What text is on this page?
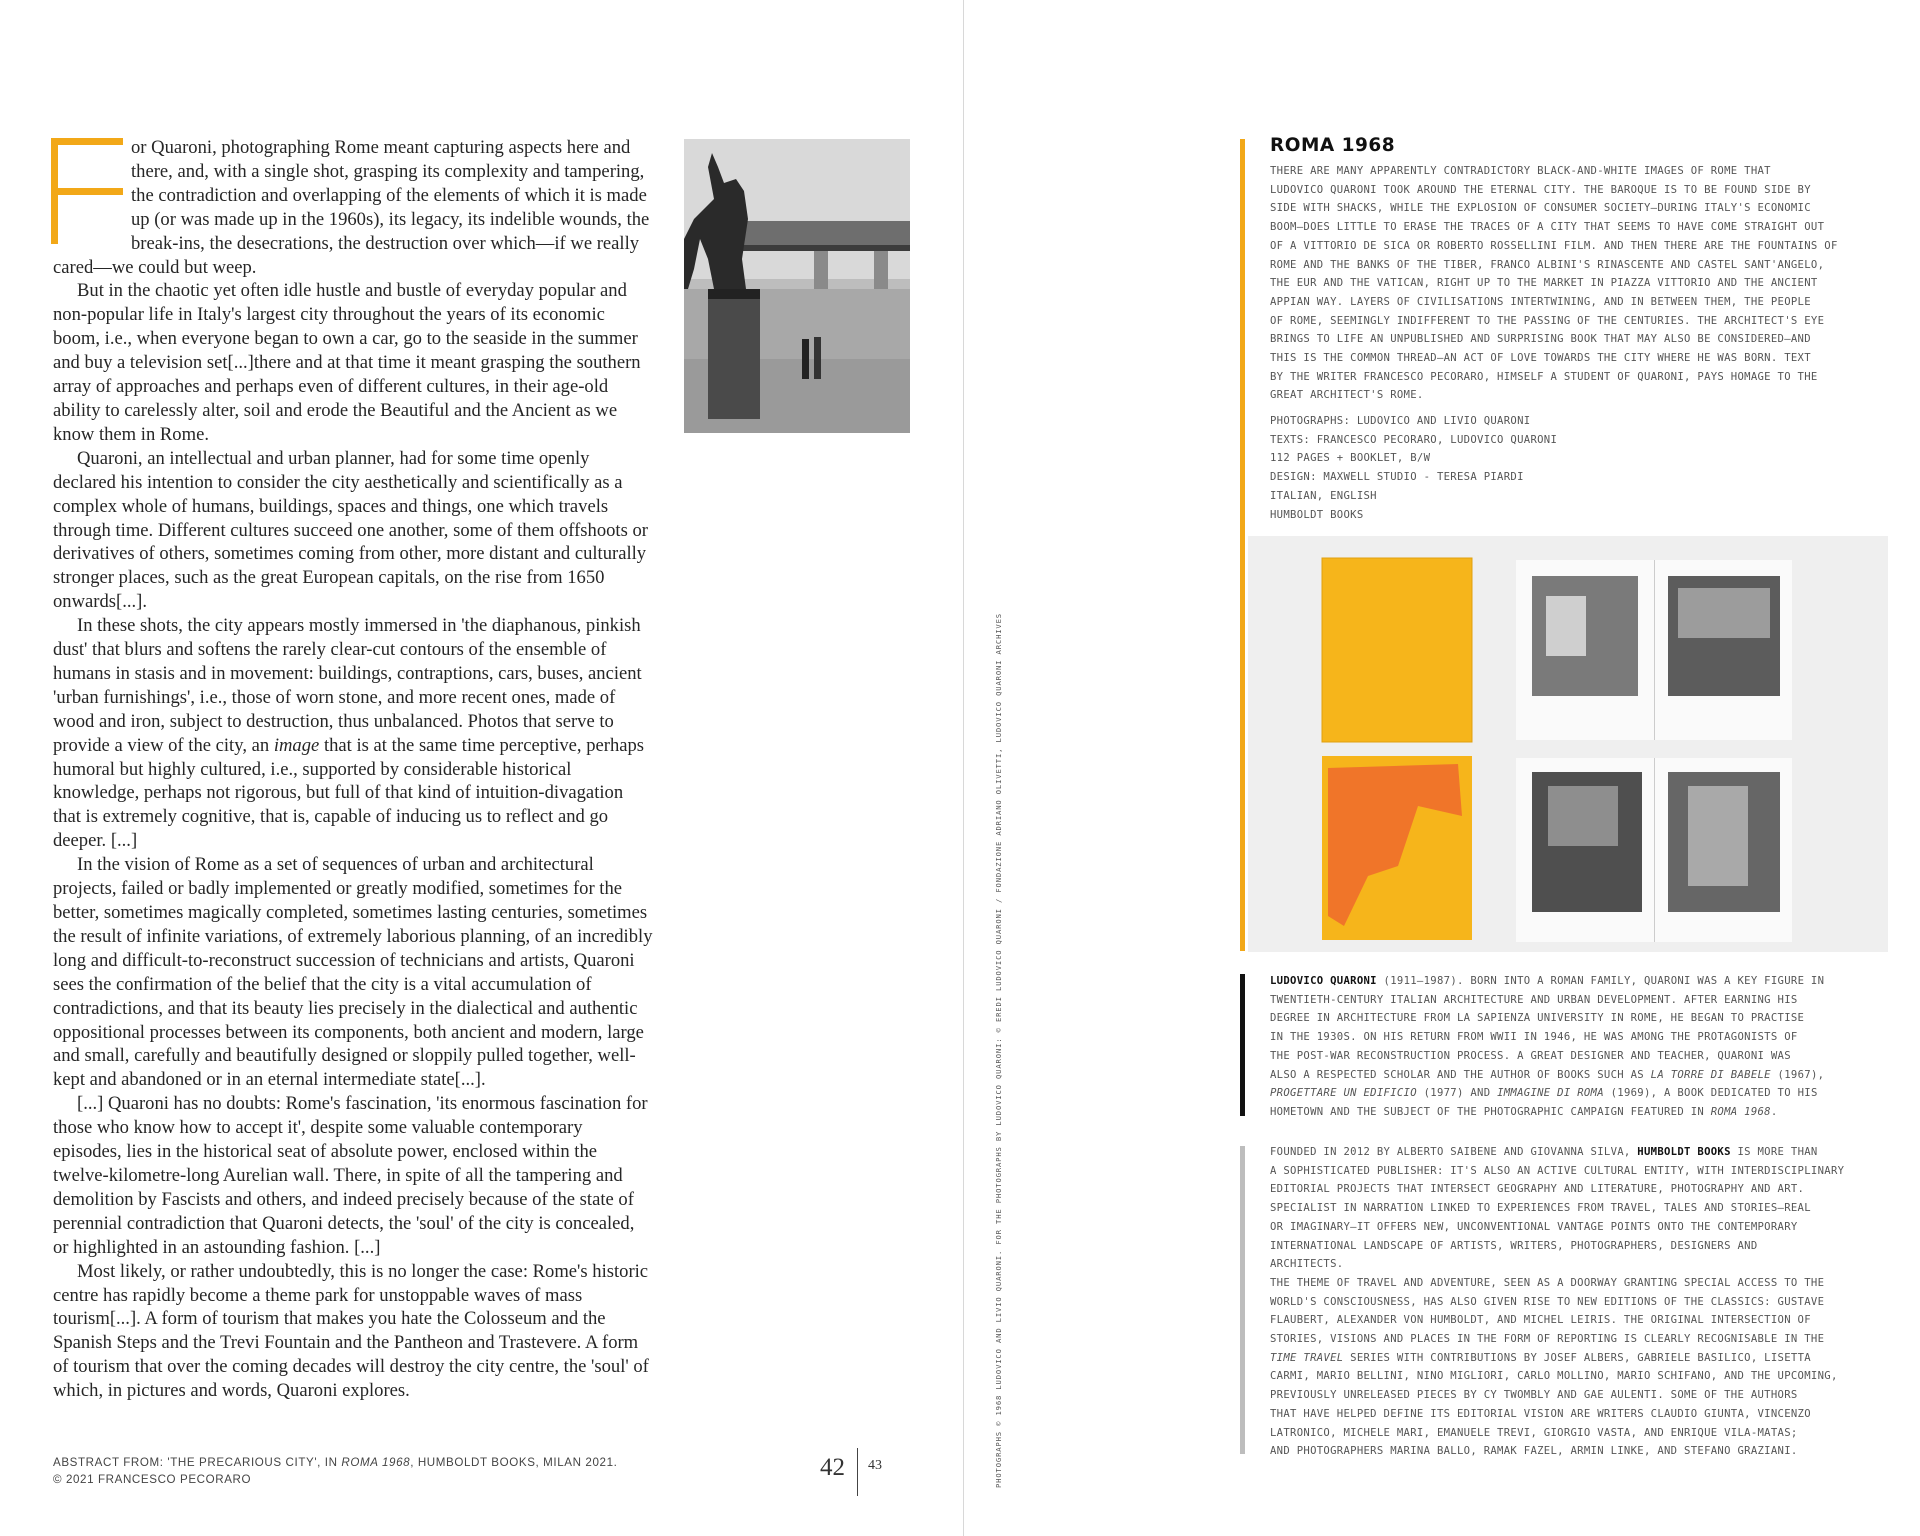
or Quaroni, photographing Rome meant capturing aspects here and there, and, with a single shot, grasping its complexity and tampering, the contradiction and overlapping of the elements of which it is made up (or was made up in the 1960s), its legacy, its indelible wounds, the break-ins, the desecrations, the destruction over which—if we really cared—we could but weep.

But in the chaotic yet often idle hustle and bustle of everyday popular and non-popular life in Italy's largest city throughout the years of its economic boom, i.e., when everyone began to own a car, go to the seaside in the summer and buy a television set[...]there and at that time it meant grasping the southern array of approaches and perhaps even of different cultures, in their age-old ability to carelessly alter, soil and erode the Beautiful and the Ancient as we know them in Rome.

Quaroni, an intellectual and urban planner, had for some time openly declared his intention to consider the city aesthetically and scientifically as a complex whole of humans, buildings, spaces and things, one which travels through time. Different cultures succeed one another, some of them offshoots or derivatives of others, sometimes coming from other, more distant and culturally stronger places, such as the great European capitals, on the rise from 1650 onwards[...].

In these shots, the city appears mostly immersed in 'the diaphanous, pinkish dust' that blurs and softens the rarely clear-cut contours of the ensemble of humans in stasis and in movement: buildings, contraptions, cars, buses, ancient 'urban furnishings', i.e., those of worn stone, and more recent ones, made of wood and iron, subject to destruction, thus unbalanced. Photos that serve to provide a view of the city, an image that is at the same time perceptive, perhaps humoral but highly cultured, i.e., supported by considerable historical knowledge, perhaps not rigorous, but full of that kind of intuition-divagation that is extremely cognitive, that is, capable of inducing us to reflect and go deeper. [...]

In the vision of Rome as a set of sequences of urban and architectural projects, failed or badly implemented or greatly modified, sometimes for the better, sometimes magically completed, sometimes lasting centuries, sometimes the result of infinite variations, of extremely laborious planning, of an incredibly long and difficult-to-reconstruct succession of technicians and artists, Quaroni sees the confirmation of the belief that the city is a vital accumulation of contradictions, and that its beauty lies precisely in the dialectical and authentic oppositional processes between its components, both ancient and modern, large and small, carefully and beautifully designed or sloppily pulled together, well-kept and abandoned or in an eternal intermediate state[...].

[...] Quaroni has no doubts: Rome's fascination, 'its enormous fascination for those who know how to accept it', despite some valuable contemporary episodes, lies in the historical seat of absolute power, enclosed within the twelve-kilometre-long Aurelian wall. There, in spite of all the tampering and demolition by Fascists and others, and indeed precisely because of the state of perennial contradiction that Quaroni detects, the 'soul' of the city is concealed, or highlighted in an astounding fashion. [...]

Most likely, or rather undoubtedly, this is no longer the case: Rome's historic centre has rapidly become a theme park for unstoppable waves of mass tourism[...]. A form of tourism that makes you hate the Colosseum and the Spanish Steps and the Trevi Fountain and the Pantheon and Trastevere. A form of tourism that over the coming decades will destroy the city centre, the 'soul' of which, in pictures and words, Quaroni explores.

ABSTRACT FROM: 'THE PRECARIOUS CITY', IN ROMA 1968, HUMBOLDT BOOKS, MILAN 2021.
© 2021 FRANCESCO PECORARO	42 43	PHOTOGRAPHS © 1968 LUDOVICO AND LIVIO QUARONI. FOR THE PHOTOGRAPHS BY LUDOVICO QUARONI: © EREDI LUDOVICO QUARONI / FONDAZIONE ADRIANO OLIVETTI, LUDOVICO QUARONI ARCHIVES
ROMA 1968
THERE ARE MANY APPARENTLY CONTRADICTORY BLACK-AND-WHITE IMAGES OF ROME THAT
LUDOVICO QUARONI TOOK AROUND THE ETERNAL CITY. THE BAROQUE IS TO BE FOUND SIDE BY
SIDE WITH SHACKS, WHILE THE EXPLOSION OF CONSUMER SOCIETY—DURING ITALY'S ECONOMIC
BOOM—DOES LITTLE TO ERASE THE TRACES OF A CITY THAT SEEMS TO HAVE COME STRAIGHT OUT
OF A VITTORIO DE SICA OR ROBERTO ROSSELLINI FILM. AND THEN THERE ARE THE FOUNTAINS OF
ROME AND THE BANKS OF THE TIBER, FRANCO ALBINI'S RINASCENTE AND CASTEL SANT'ANGELO,
THE EUR AND THE VATICAN, RIGHT UP TO THE MARKET IN PIAZZA VITTORIO AND THE ANCIENT
APPIAN WAY. LAYERS OF CIVILISATIONS INTERTWINING, AND IN BETWEEN THEM, THE PEOPLE
OF ROME, SEEMINGLY INDIFFERENT TO THE PASSING OF THE CENTURIES. THE ARCHITECT'S EYE
BRINGS TO LIFE AN UNPUBLISHED AND SURPRISING BOOK THAT MAY ALSO BE CONSIDERED—AND
THIS IS THE COMMON THREAD—AN ACT OF LOVE TOWARDS THE CITY WHERE HE WAS BORN. TEXT
BY THE WRITER FRANCESCO PECORARO, HIMSELF A STUDENT OF QUARONI, PAYS HOMAGE TO THE
GREAT ARCHITECT'S ROME.
PHOTOGRAPHS: LUDOVICO AND LIVIO QUARONI
TEXTS: FRANCESCO PECORARO, LUDOVICO QUARONI
112 PAGES + BOOKLET, B/W
DESIGN: MAXWELL STUDIO - TERESA PIARDI
ITALIAN, ENGLISH
HUMBOLDT BOOKS
LUDOVICO QUARONI (1911–1987). BORN INTO A ROMAN FAMILY, QUARONI WAS A KEY FIGURE IN
TWENTIETH-CENTURY ITALIAN ARCHITECTURE AND URBAN DEVELOPMENT. AFTER EARNING HIS
DEGREE IN ARCHITECTURE FROM LA SAPIENZA UNIVERSITY IN ROME, HE BEGAN TO PRACTISE
IN THE 1930S. ON HIS RETURN FROM WWII IN 1946, HE WAS AMONG THE PROTAGONISTS OF
THE POST-WAR RECONSTRUCTION PROCESS. A GREAT DESIGNER AND TEACHER, QUARONI WAS
ALSO A RESPECTED SCHOLAR AND THE AUTHOR OF BOOKS SUCH AS LA TORRE DI BABELE (1967),
PROGETTARE UN EDIFICIO (1977) AND IMMAGINE DI ROMA (1969), A BOOK DEDICATED TO HIS
HOMETOWN AND THE SUBJECT OF THE PHOTOGRAPHIC CAMPAIGN FEATURED IN ROMA 1968.
FOUNDED IN 2012 BY ALBERTO SAIBENE AND GIOVANNA SILVA, HUMBOLDT BOOKS IS MORE THAN
A SOPHISTICATED PUBLISHER: IT'S ALSO AN ACTIVE CULTURAL ENTITY, WITH INTERDISCIPLINARY
EDITORIAL PROJECTS THAT INTERSECT GEOGRAPHY AND LITERATURE, PHOTOGRAPHY AND ART.
SPECIALIST IN NARRATION LINKED TO EXPERIENCES FROM TRAVEL, TALES AND STORIES—REAL
OR IMAGINARY—IT OFFERS NEW, UNCONVENTIONAL VANTAGE POINTS ONTO THE CONTEMPORARY
INTERNATIONAL LANDSCAPE OF ARTISTS, WRITERS, PHOTOGRAPHERS, DESIGNERS AND
ARCHITECTS.
THE THEME OF TRAVEL AND ADVENTURE, SEEN AS A DOORWAY GRANTING SPECIAL ACCESS TO THE
WORLD'S CONSCIOUSNESS, HAS ALSO GIVEN RISE TO NEW EDITIONS OF THE CLASSICS: GUSTAVE
FLAUBERT, ALEXANDER VON HUMBOLDT, AND MICHEL LEIRIS. THE ORIGINAL INTERSECTION OF
STORIES, VISIONS AND PLACES IN THE FORM OF REPORTING IS CLEARLY RECOGNISABLE IN THE
TIME TRAVEL SERIES WITH CONTRIBUTIONS BY JOSEF ALBERS, GABRIELE BASILICO, LISETTA
CARMI, MARIO BELLINI, NINO MIGLIORI, CARLO MOLLINO, MARIO SCHIFANO, AND THE UPCOMING,
PREVIOUSLY UNRELEASED PIECES BY CY TWOMBLY AND GAE AULENTI. SOME OF THE AUTHORS
THAT HAVE HELPED DEFINE ITS EDITORIAL VISION ARE WRITERS CLAUDIO GIUNTA, VINCENZO
LATRONICO, MICHELE MARI, EMANUELE TREVI, GIORGIO VASTA, AND ENRIQUE VILA-MATAS;
AND PHOTOGRAPHERS MARINA BALLO, RAMAK FAZEL, ARMIN LINKE, AND STEFANO GRAZIANI.
